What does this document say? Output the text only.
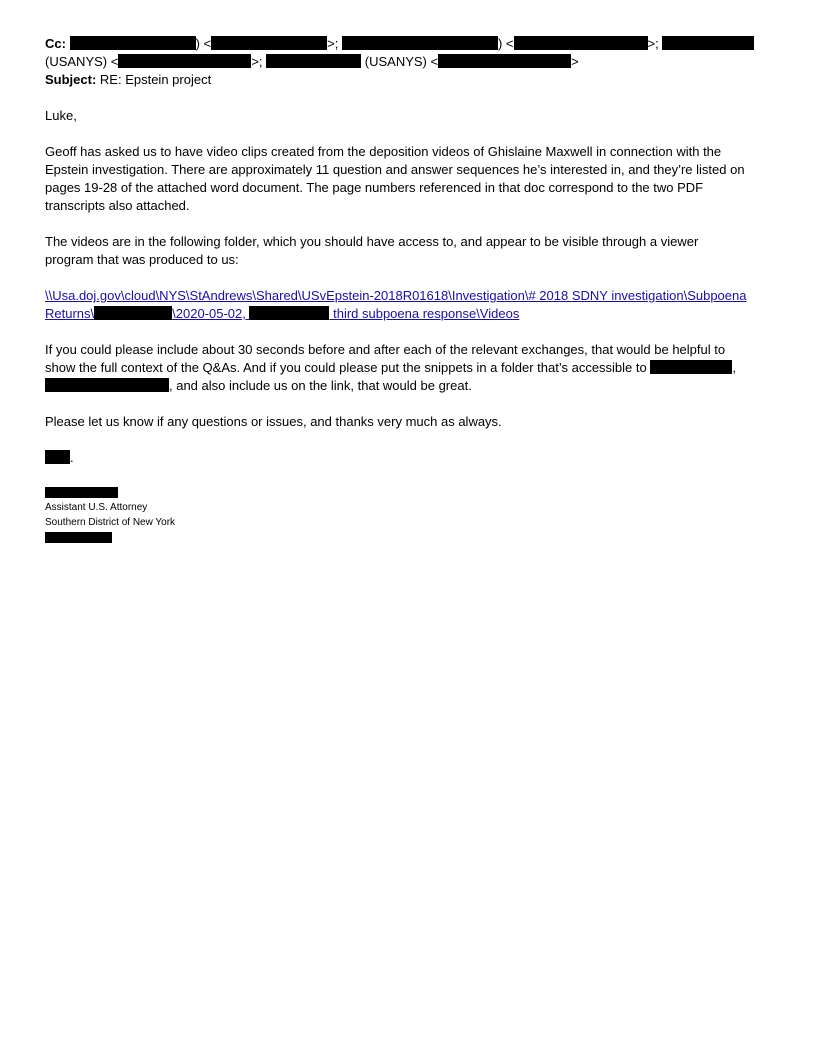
Cc:	) <	>;	) <	>;
(USANYS) <	>;	(USANYS) <	>
Subject: RE: Epstein project
Luke,
Geoff has asked us to have video clips created from the deposition videos of Ghislaine Maxwell in connection with the
Epstein investigation. There are approximately 11 question and answer sequences he’s interested in, and they’re listed on
pages 19-28 of the attached word document. The page numbers referenced in that doc correspond to the two PDF
transcripts also attached.
The videos are in the following folder, which you should have access to, and appear to be visible through a viewer
program that was produced to us:
\\Usa.doj.gov\cloud\NYS\StAndrews\Shared\USvEpstein-2018R01618\Investigation\# 2018 SDNY investigation\Subpoena
Returns\	\2020-05-02,	third subpoena response\Videos
If you could please include about 30 seconds before and after each of the relevant exchanges, that would be helpful to
show the full context of the Q&As. And if you could please put the snippets in a folder that’s accessible to	,
, and also include us on the link, that would be great.
Please let us know if any questions or issues, and thanks very much as always.
.
Assistant U.S. Attorney
Southern District of New York
